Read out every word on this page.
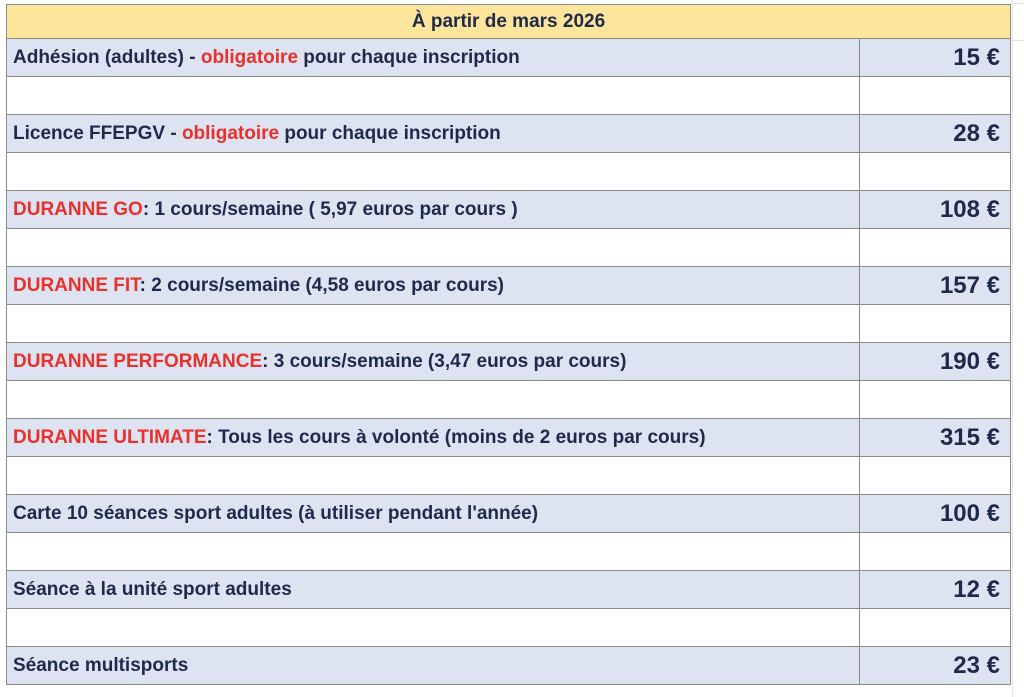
À partir de mars 2026	
Adhésion (adultes) - obligatoire pour chaque inscription	15 €

Licence FFEPGV - obligatoire pour chaque inscription	28 €

DURANNE GO: 1 cours/semaine ( 5,97 euros par cours )	108 €

DURANNE FIT: 2 cours/semaine (4,58 euros par cours)	157 €

DURANNE PERFORMANCE: 3 cours/semaine (3,47 euros par cours)	190 €

DURANNE ULTIMATE: Tous les cours à volonté (moins de 2 euros par cours)	315 €

Carte 10 séances sport adultes (à utiliser pendant l'année)	100 €

Séance à la unité sport adultes	12 €

Séance multisports	23 €
